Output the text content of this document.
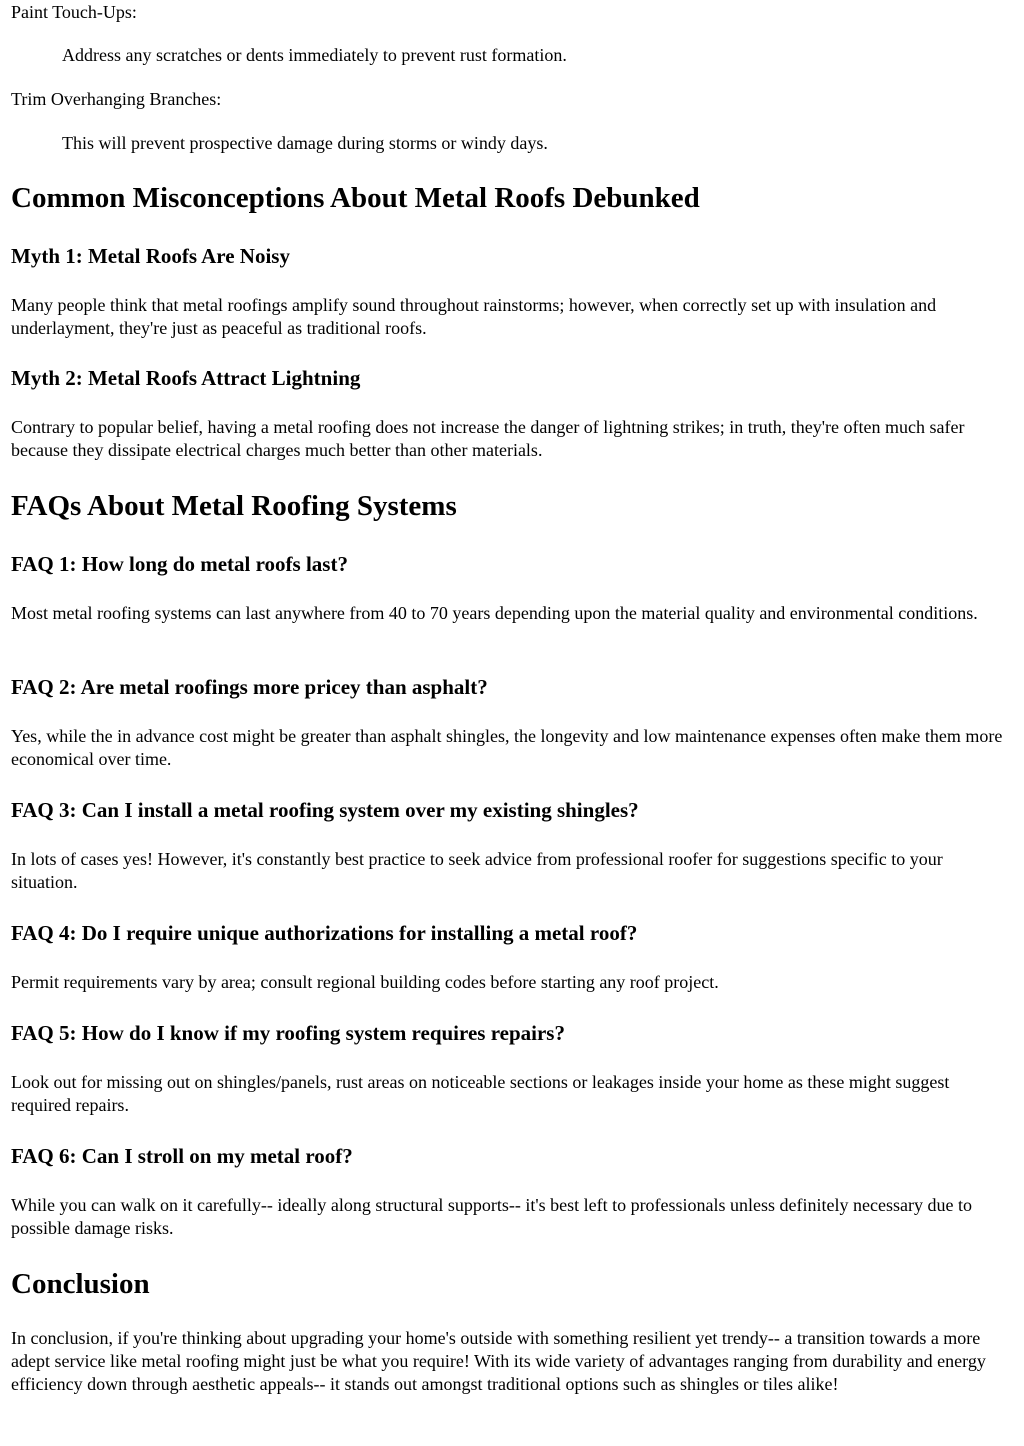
Paint Touch-Ups:
Address any scratches or dents immediately to prevent rust formation.
Trim Overhanging Branches:
This will prevent prospective damage during storms or windy days.
Common Misconceptions About Metal Roofs Debunked
Myth 1: Metal Roofs Are Noisy

Many people think that metal roofings amplify sound throughout rainstorms; however, when correctly set up with insulation and underlayment, they're just as peaceful as traditional roofs.

Myth 2: Metal Roofs Attract Lightning

Contrary to popular belief, having a metal roofing does not increase the danger of lightning strikes; in truth, they're often much safer because they dissipate electrical charges much better than other materials.

FAQs About Metal Roofing Systems
FAQ 1: How long do metal roofs last?

Most metal roofing systems can last anywhere from 40 to 70 years depending upon the material quality and environmental conditions.

FAQ 2: Are metal roofings more pricey than asphalt?

Yes, while the in advance cost might be greater than asphalt shingles, the longevity and low maintenance expenses often make them more economical over time.

FAQ 3: Can I install a metal roofing system over my existing shingles?

In lots of cases yes! However, it's constantly best practice to seek advice from professional roofer for suggestions specific to your situation.

FAQ 4: Do I require unique authorizations for installing a metal roof?

Permit requirements vary by area; consult regional building codes before starting any roof project.

FAQ 5: How do I know if my roofing system requires repairs?

Look out for missing out on shingles/panels, rust areas on noticeable sections or leakages inside your home as these might suggest required repairs.

FAQ 6: Can I stroll on my metal roof?

While you can walk on it carefully-- ideally along structural supports-- it's best left to professionals unless definitely necessary due to possible damage risks.

Conclusion

In conclusion, if you're thinking about upgrading your home's outside with something resilient yet trendy-- a transition towards a more adept service like metal roofing might just be what you require! With its wide variety of advantages ranging from durability and energy efficiency down through aesthetic appeals-- it stands out amongst traditional options such as shingles or tiles alike!
